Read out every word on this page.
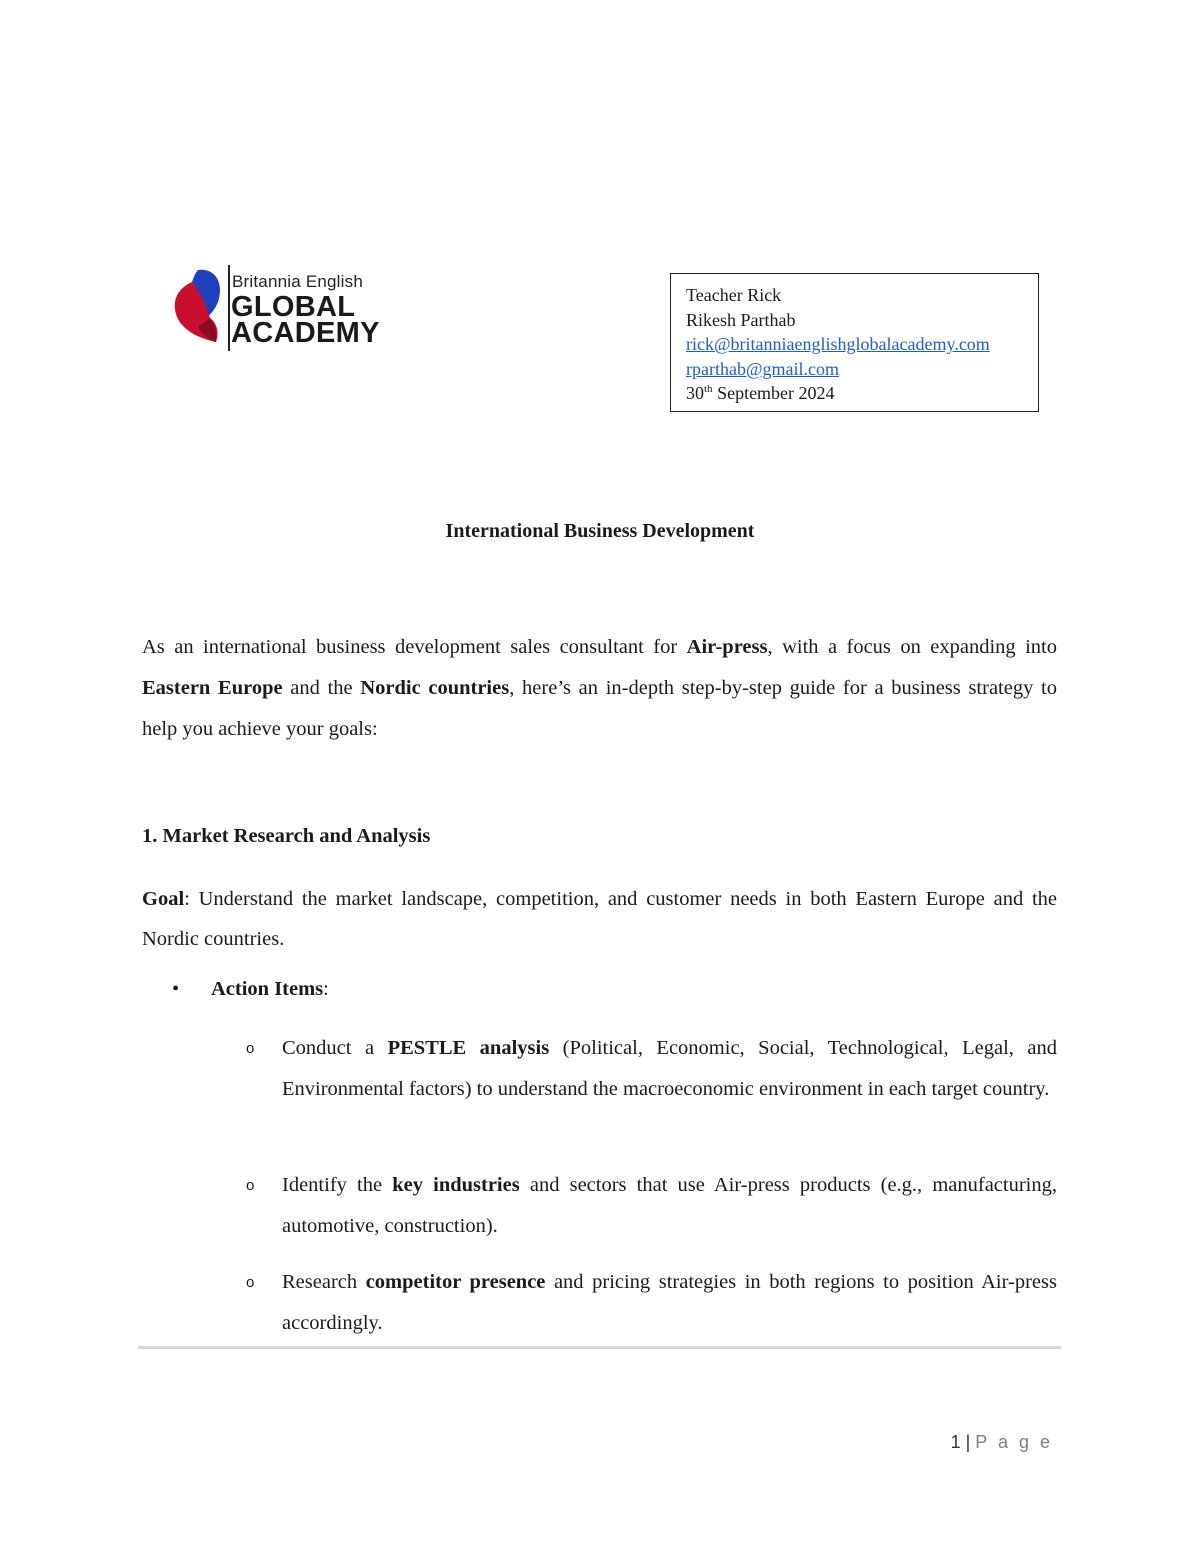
Britannia English
GLOBAL
ACADEMY
Teacher Rick
Rikesh Parthab
rick@britanniaenglishglobalacademy.com
rparthab@gmail.com
30th September 2024
International Business Development

As an international business development sales consultant for Air-press, with a focus on expanding into Eastern Europe and the Nordic countries, here’s an in-depth step-by-step guide for a business strategy to help you achieve your goals:

1. Market Research and Analysis

Goal: Understand the market landscape, competition, and customer needs in both Eastern Europe and the Nordic countries.

• Action Items:
o Conduct a PESTLE analysis (Political, Economic, Social, Technological, Legal, and Environmental factors) to understand the macroeconomic environment in each target country.

o Identify the key industries and sectors that use Air-press products (e.g., manufacturing, automotive, construction).

o Research competitor presence and pricing strategies in both regions to position Air-press accordingly.

1 | P a g e
